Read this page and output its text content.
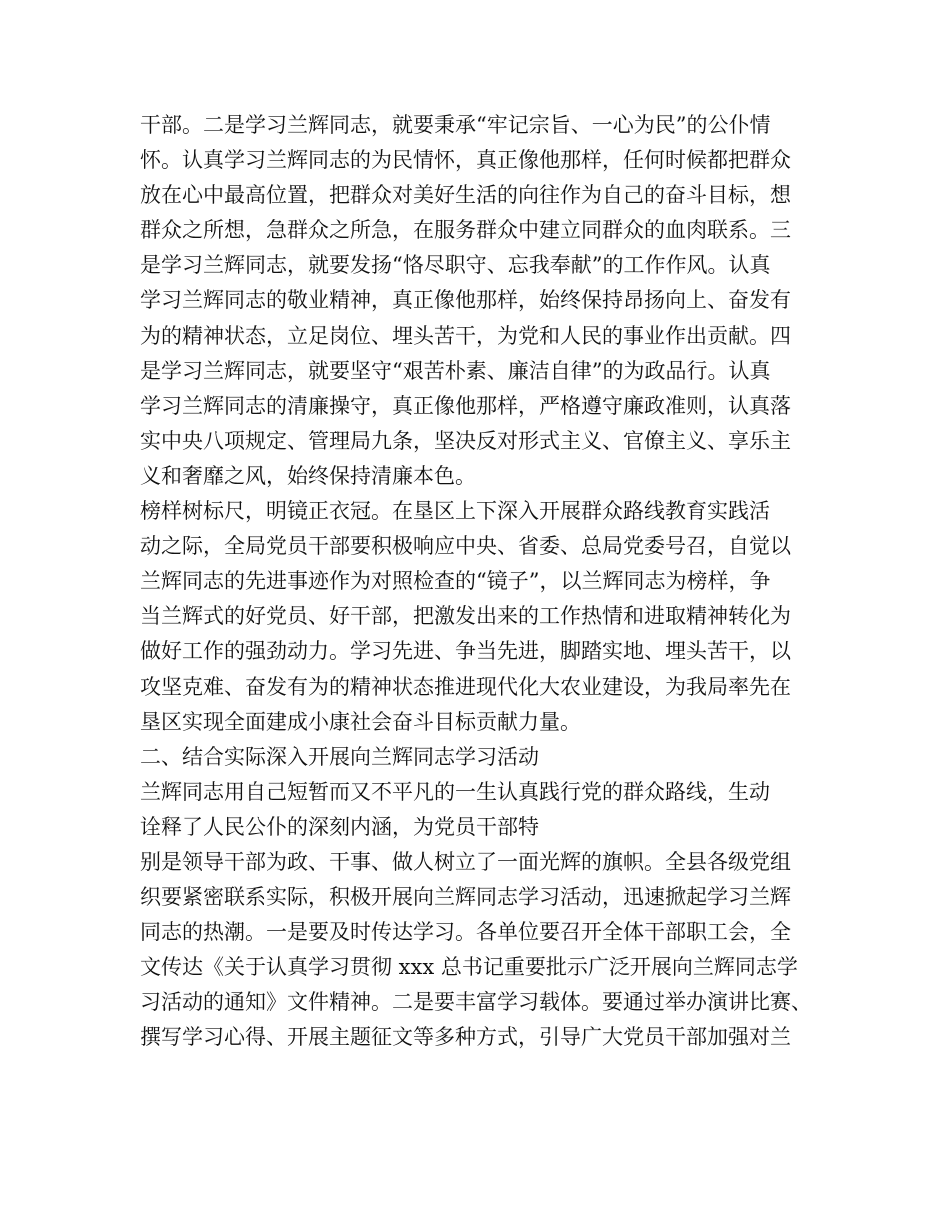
干部。二是学习兰辉同志，就要秉承“牢记宗旨、一心为民”的公仆情
怀。认真学习兰辉同志的为民情怀，真正像他那样，任何时候都把群众
放在心中最高位置，把群众对美好生活的向往作为自己的奋斗目标，想
群众之所想，急群众之所急，在服务群众中建立同群众的血肉联系。三
是学习兰辉同志，就要发扬“恪尽职守、忘我奉献”的工作作风。认真
学习兰辉同志的敬业精神，真正像他那样，始终保持昂扬向上、奋发有
为的精神状态，立足岗位、埋头苦干，为党和人民的事业作出贡献。四
是学习兰辉同志，就要坚守“艰苦朴素、廉洁自律”的为政品行。认真
学习兰辉同志的清廉操守，真正像他那样，严格遵守廉政准则，认真落
实中央八项规定、管理局九条，坚决反对形式主义、官僚主义、享乐主
义和奢靡之风，始终保持清廉本色。
榜样树标尺，明镜正衣冠。在垦区上下深入开展群众路线教育实践活
动之际，全局党员干部要积极响应中央、省委、总局党委号召，自觉以
兰辉同志的先进事迹作为对照检查的“镜子”，以兰辉同志为榜样，争
当兰辉式的好党员、好干部，把激发出来的工作热情和进取精神转化为
做好工作的强劲动力。学习先进、争当先进，脚踏实地、埋头苦干，以
攻坚克难、奋发有为的精神状态推进现代化大农业建设，为我局率先在
垦区实现全面建成小康社会奋斗目标贡献力量。
二、结合实际深入开展向兰辉同志学习活动
兰辉同志用自己短暂而又不平凡的一生认真践行党的群众路线，生动
诠释了人民公仆的深刻内涵，为党员干部特
别是领导干部为政、干事、做人树立了一面光辉的旗帜。全县各级党组
织要紧密联系实际，积极开展向兰辉同志学习活动，迅速掀起学习兰辉
同志的热潮。一是要及时传达学习。各单位要召开全体干部职工会，全
文传达《关于认真学习贯彻 xxx 总书记重要批示广泛开展向兰辉同志学
习活动的通知》文件精神。二是要丰富学习载体。要通过举办演讲比赛、
撰写学习心得、开展主题征文等多种方式，引导广大党员干部加强对兰
